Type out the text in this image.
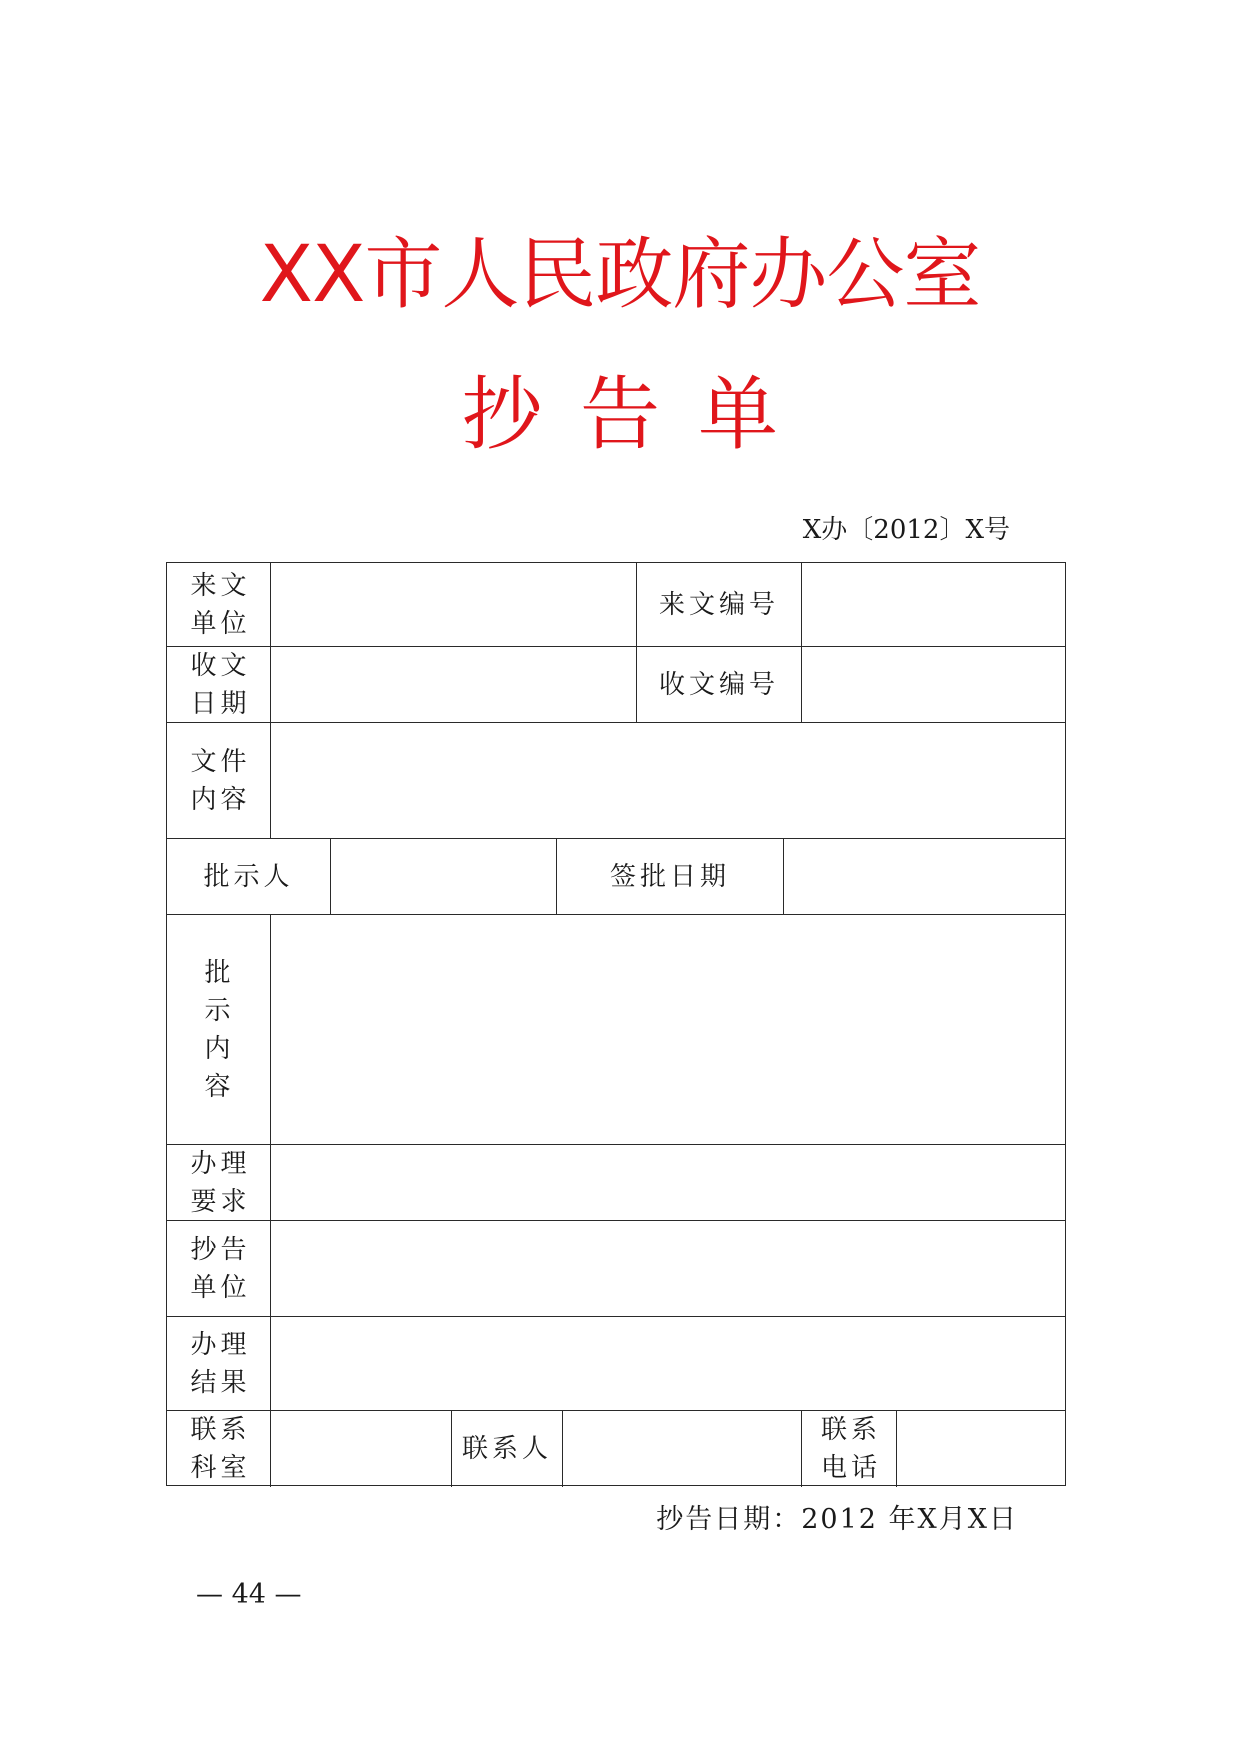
XX市人民政府办公室
抄告单
X办〔2012〕X号
来文单位
来文编号
收文日期
收文编号
文件内容
批示人	签批日期
批示内容
办理要求
抄告单位
办理结果
联系科室
联系人
联系电话
抄告日期：2012 年X月X日
— 44 —
